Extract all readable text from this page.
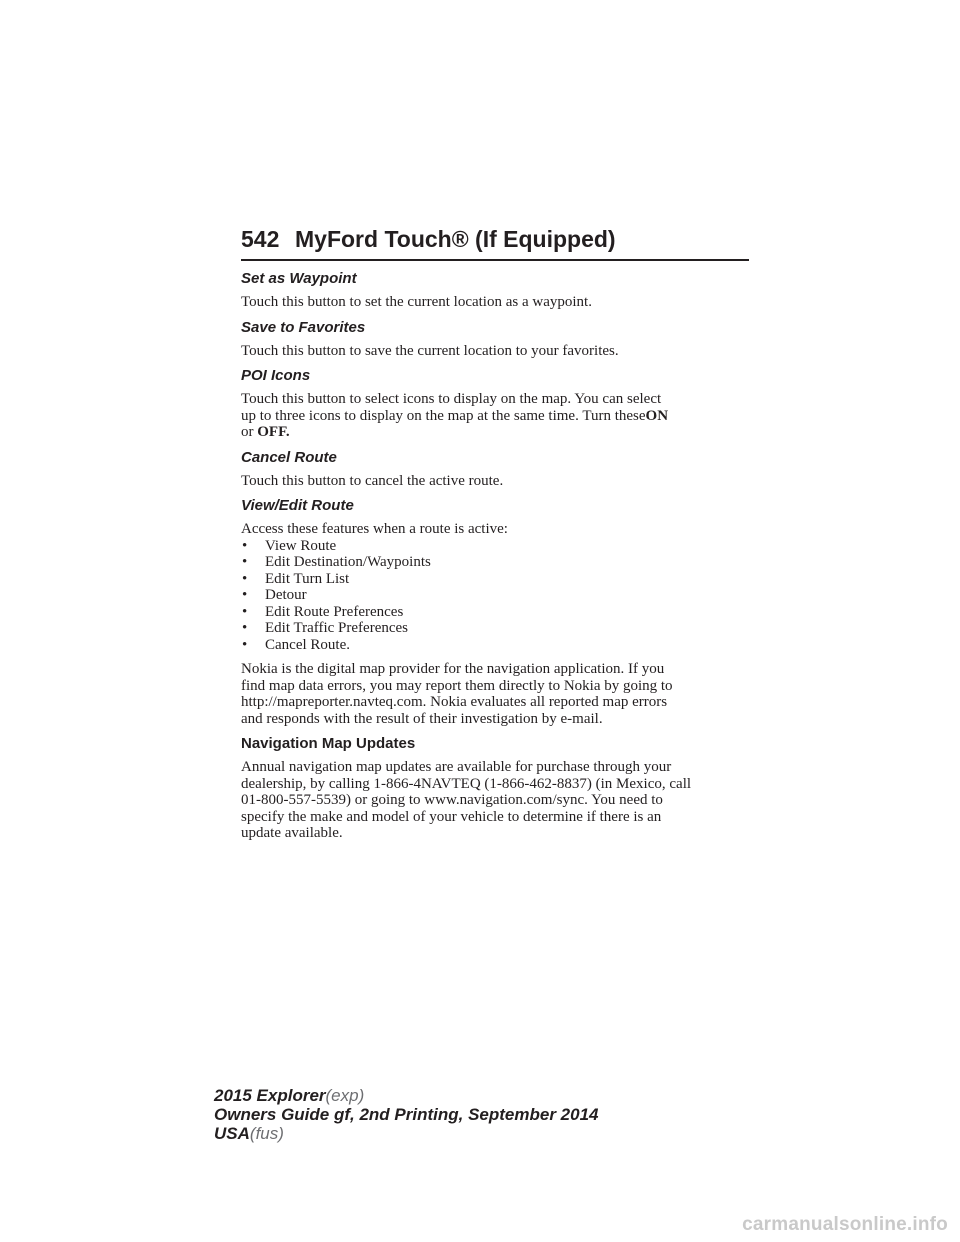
542 MyFord Touch® (If Equipped)
Set as Waypoint
Touch this button to set the current location as a waypoint.
Save to Favorites
Touch this button to save the current location to your favorites.
POI Icons
Touch this button to select icons to display on the map. You can select
up to three icons to display on the map at the same time. Turn theseON
or OFF.
Cancel Route
Touch this button to cancel the active route.
View/Edit Route
Access these features when a route is active:
• View Route
• Edit Destination/Waypoints
• Edit Turn List
• Detour
• Edit Route Preferences
• Edit Traffic Preferences
• Cancel Route.
Nokia is the digital map provider for the navigation application. If you
find map data errors, you may report them directly to Nokia by going to
http://mapreporter.navteq.com. Nokia evaluates all reported map errors
and responds with the result of their investigation by e-mail.
Navigation Map Updates
Annual navigation map updates are available for purchase through your
dealership, by calling 1-866-4NAVTEQ (1-866-462-8837) (in Mexico, call
01-800-557-5539) or going to www.navigation.com/sync. You need to
specify the make and model of your vehicle to determine if there is an
update available.
2015 Explorer(exp)
Owners Guide gf, 2nd Printing, September 2014
USA(fus)
carmanualsonline.info
